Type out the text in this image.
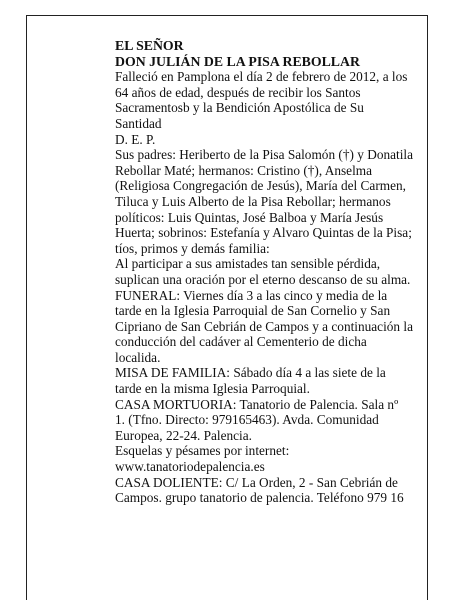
EL SEÑOR
DON JULIÁN DE LA PISA REBOLLAR
Falleció en Pamplona el día 2 de febrero de 2012, a los
64 años de edad, después de recibir los Santos
Sacramentosb y la Bendición Apostólica de Su
Santidad
D. E. P.
Sus padres: Heriberto de la Pisa Salomón (†) y Donatila
Rebollar Maté; hermanos: Cristino (†), Anselma
(Religiosa Congregación de Jesús), María del Carmen,
Tiluca y Luis Alberto de la Pisa Rebollar; hermanos
políticos: Luis Quintas, José Balboa y María Jesús
Huerta; sobrinos: Estefanía y Alvaro Quintas de la Pisa;
tíos, primos y demás familia:
Al participar a sus amistades tan sensible pérdida,
suplican una oración por el eterno descanso de su alma.
FUNERAL: Viernes día 3 a las cinco y media de la
tarde en la Iglesia Parroquial de San Cornelio y San
Cipriano de San Cebrián de Campos y a continuación la
conducción del cadáver al Cementerio de dicha
localida.
MISA DE FAMILIA: Sábado día 4 a las siete de la
tarde en la misma Iglesia Parroquial.
CASA MORTUORIA: Tanatorio de Palencia. Sala nº
1. (Tfno. Directo: 979165463). Avda. Comunidad
Europea, 22-24. Palencia.
Esquelas y pésames por internet:
www.tanatoriodepalencia.es
CASA DOLIENTE: C/ La Orden, 2 - San Cebrián de
Campos. grupo tanatorio de palencia. Teléfono 979 16
